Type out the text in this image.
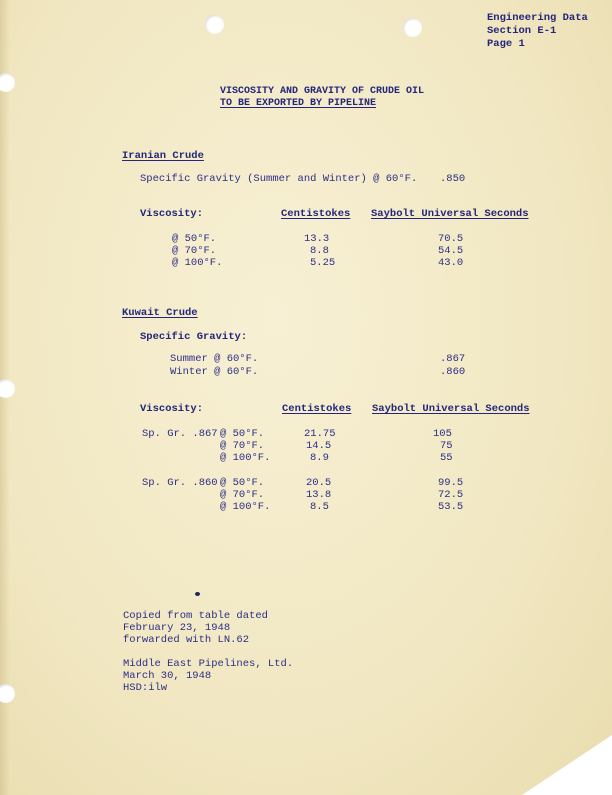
Engineering Data
Section E-1
Page 1
VISCOSITY AND GRAVITY OF CRUDE OIL
TO BE EXPORTED BY PIPELINE
Iranian Crude
Specific Gravity (Summer and Winter) @ 60°F. .850
Viscosity:	Centistokes Saybolt Universal Seconds
@ 50°F.	13.3	70.5
@ 70°F.	8.8	54.5
@ 100°F.	5.25	43.0
Kuwait Crude
Specific Gravity:
Summer @ 60°F.	.867
Winter @ 60°F.	.860
Viscosity:	Centistokes Saybolt Universal Seconds
Sp. Gr. .867 @ 50°F.	21.75	105
@ 70°F.	14.5	75
@ 100°F.	8.9	55
Sp. Gr. .860 @ 50°F.	20.5	99.5
@ 70°F.	13.8	72.5
@ 100°F.	8.5	53.5
Copied from table dated
February 23, 1948
forwarded with LN.62
Middle East Pipelines, Ltd.
March 30, 1948
HSD:ilw
